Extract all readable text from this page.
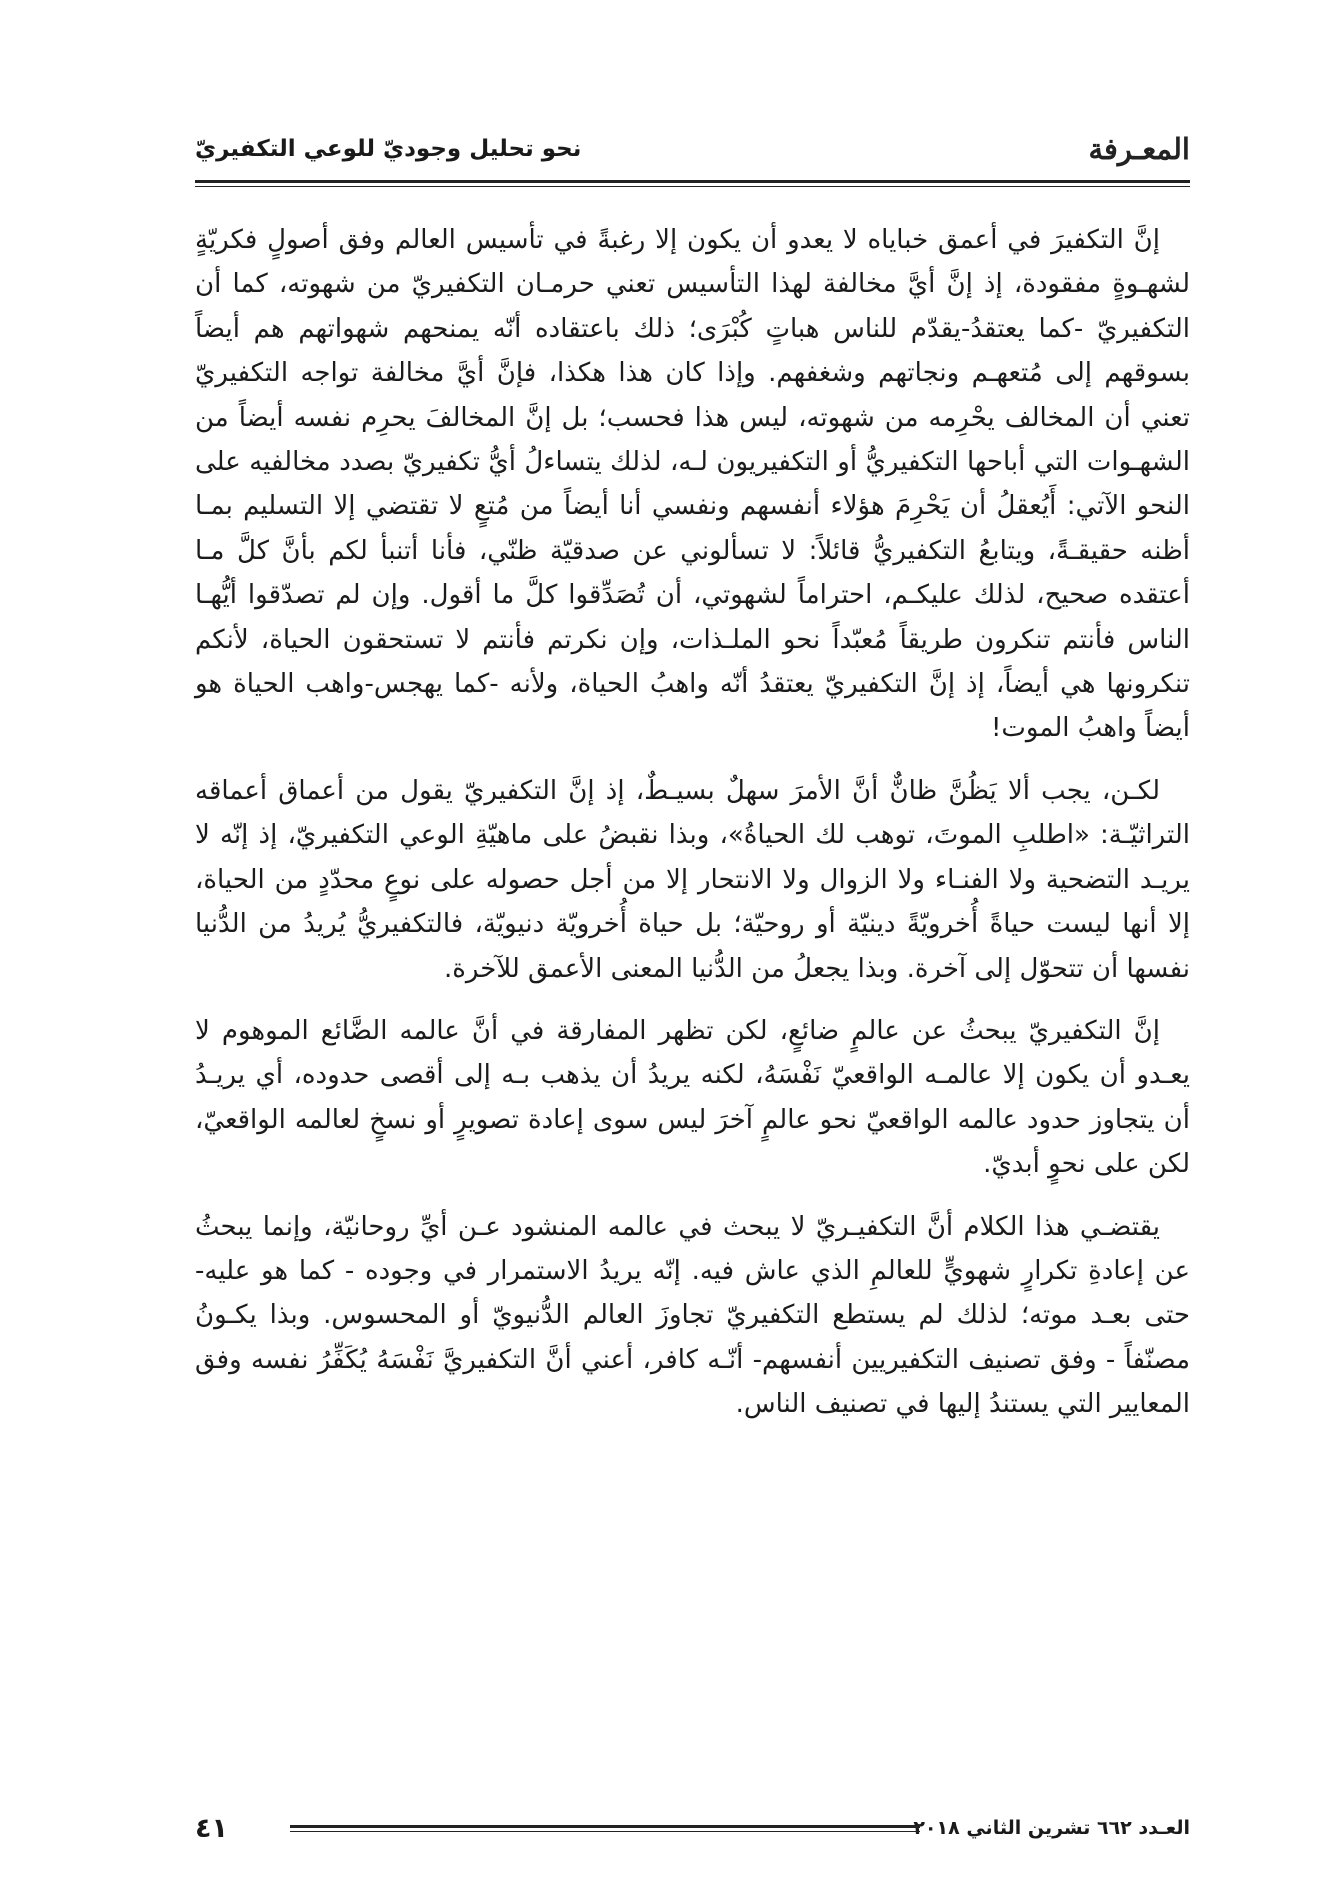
المعـرفة
نحو تحليل وجوديّ للوعي التكفيريّ

إنَّ التكفيرَ في أعمق خباياه لا يعدو أن يكون إلا رغبةً في تأسيس العالم وفق أصولٍ فكريّةٍ لشهـوةٍ مفقودة، إذ إنَّ أيَّ مخالفة لهذا التأسيس تعني حرمـان التكفيريّ من شهوته، كما أن التكفيريّ -كما يعتقدُ-يقدّم للناس هباتٍ كُبْرَى؛ ذلك باعتقاده أنّه يمنحهم شهواتهم هم أيضاً بسوقهم إلى مُتعهـم ونجاتهم وشغفهم. وإذا كان هذا هكذا، فإنَّ أيَّ مخالفة تواجه التكفيريّ تعني أن المخالف يحْرِمه من شهوته، ليس هذا فحسب؛ بل إنَّ المخالفَ يحرِم نفسه أيضاً من الشهـوات التي أباحها التكفيريُّ أو التكفيريون لـه، لذلك يتساءلُ أيُّ تكفيريّ بصدد مخالفيه على النحو الآتي: أَيُعقلُ أن يَحْرِمَ هؤلاء أنفسهم ونفسي أنا أيضاً من مُتعٍ لا تقتضي إلا التسليم بمـا أظنه حقيقـةً، ويتابعُ التكفيريُّ قائلاً: لا تسألوني عن صدقيّة ظنّي، فأنا أتنبأ لكم بأنَّ كلَّ مـا أعتقده صحيح، لذلك عليكـم، احتراماً لشهوتي، أن تُصَدِّقوا كلَّ ما أقول. وإن لم تصدّقوا أيُّهـا الناس فأنتم تنكرون طريقاً مُعبّداً نحو الملـذات، وإن نكرتم فأنتم لا تستحقون الحياة، لأنكم تنكرونها هي أيضاً، إذ إنَّ التكفيريّ يعتقدُ أنّه واهبُ الحياة، ولأنه -كما يهجس-واهب الحياة هو أيضاً واهبُ الموت!

لكـن، يجب ألا يَظُنَّ ظانٌّ أنَّ الأمرَ سهلٌ بسيـطٌ، إذ إنَّ التكفيريّ يقول من أعماق أعماقه التراثيّـة: «اطلبِ الموتَ، توهب لك الحياةُ»، وبذا نقبضُ على ماهيّةِ الوعي التكفيريّ، إذ إنّه لا يريـد التضحية ولا الفنـاء ولا الزوال ولا الانتحار إلا من أجل حصوله على نوعٍ محدّدٍ من الحياة، إلا أنها ليست حياةً أُخرويّةً دينيّة أو روحيّة؛ بل حياة أُخرويّة دنيويّة، فالتكفيريُّ يُريدُ من الدُّنيا نفسها أن تتحوّل إلى آخرة. وبذا يجعلُ من الدُّنيا المعنى الأعمق للآخرة.

إنَّ التكفيريّ يبحثُ عن عالمٍ ضائعٍ، لكن تظهر المفارقة في أنَّ عالمه الضَّائع الموهوم لا يعـدو أن يكون إلا عالمـه الواقعيّ نَفْسَهُ، لكنه يريدُ أن يذهب بـه إلى أقصى حدوده، أي يريـدُ أن يتجاوز حدود عالمه الواقعيّ نحو عالمٍ آخرَ ليس سوى إعادة تصويرٍ أو نسخٍ لعالمه الواقعيّ، لكن على نحوٍ أبديّ.

يقتضـي هذا الكلام أنَّ التكفيـريّ لا يبحث في عالمه المنشود عـن أيِّ روحانيّة، وإنما يبحثُ عن إعادةِ تكرارٍ شهويٍّ للعالمِ الذي عاش فيه. إنّه يريدُ الاستمرار في وجوده - كما هو عليه- حتى بعـد موته؛ لذلك لم يستطع التكفيريّ تجاوزَ العالم الدُّنيويّ أو المحسوس. وبذا يكـونُ مصنّفاً - وفق تصنيف التكفيريين أنفسهم- أنّـه كافر، أعني أنَّ التكفيريَّ نَفْسَهُ يُكَفِّرُ نفسه وفق المعايير التي يستندُ إليها في تصنيف الناس.

العـدد ٦٦٢ تشرين الثاني ٢٠١٨
٤١
